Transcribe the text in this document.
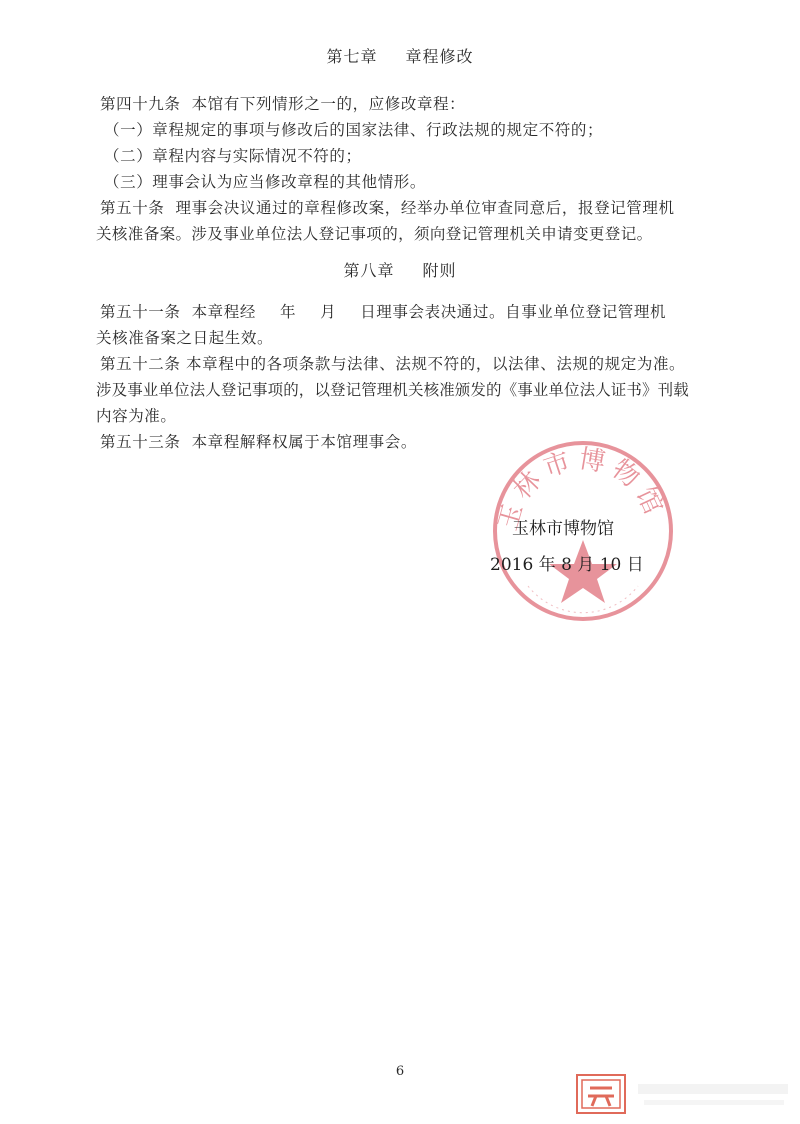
第七章 章程修改
第四十九条 本馆有下列情形之一的，应修改章程：
（一）章程规定的事项与修改后的国家法律、行政法规的规定不符的；
（二）章程内容与实际情况不符的；
（三）理事会认为应当修改章程的其他情形。
第五十条 理事会决议通过的章程修改案，经举办单位审查同意后，报登记管理机
关核准备案。涉及事业单位法人登记事项的，须向登记管理机关申请变更登记。
第八章 附则
第五十一条 本章程经 年 月 日理事会表决通过。自事业单位登记管理机
关核准备案之日起生效。
第五十二条 本章程中的各项条款与法律、法规不符的，以法律、法规的规定为准。
涉及事业单位法人登记事项的，以登记管理机关核准颁发的《事业单位法人证书》刊载
内容为准。
第五十三条 本章程解释权属于本馆理事会。
玉林市博物馆
玉林市博物馆
2016 年 8 月 10 日
6
